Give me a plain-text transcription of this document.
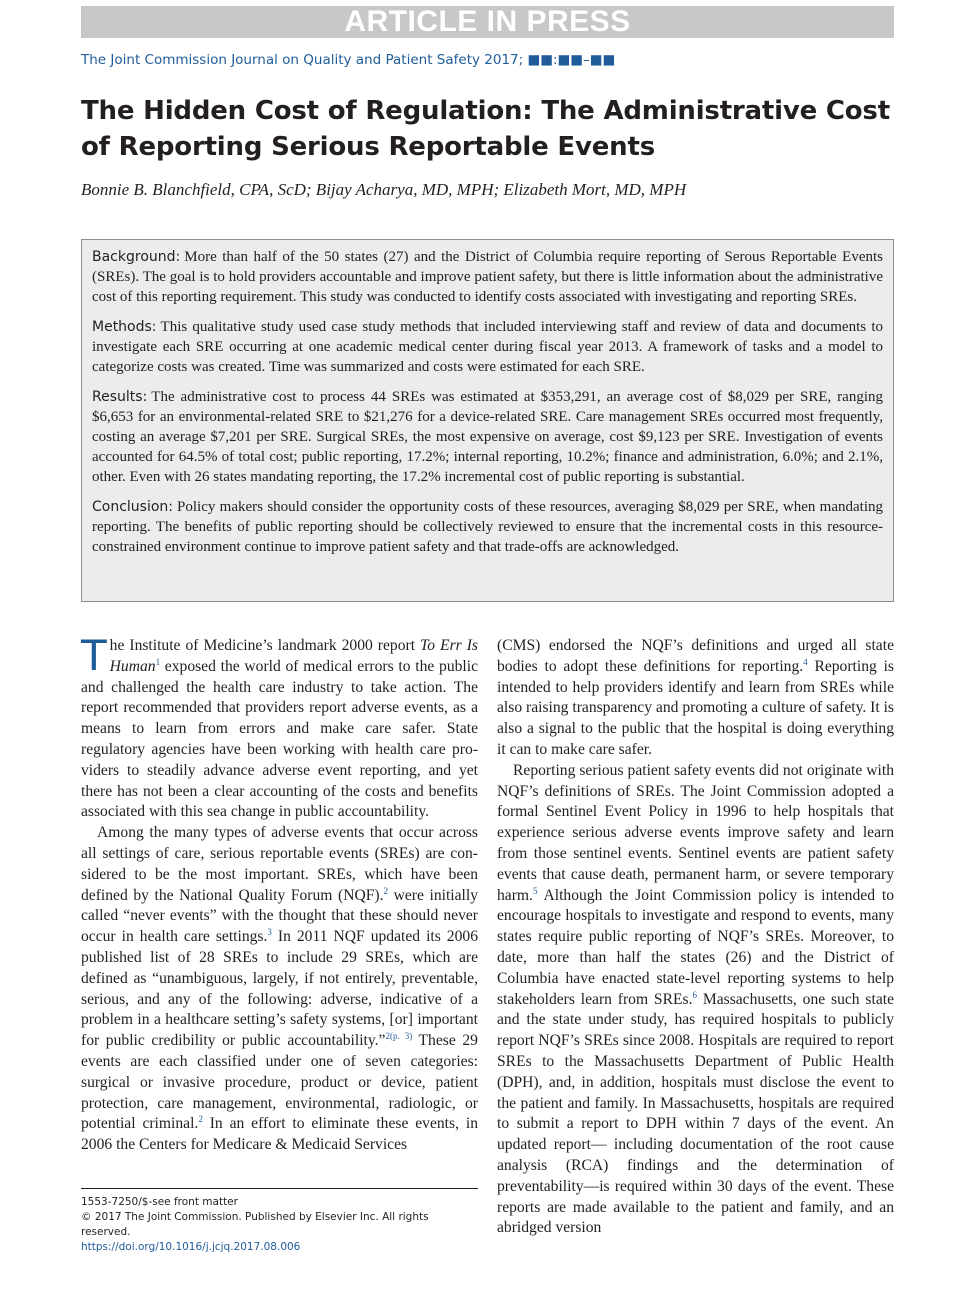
ARTICLE IN PRESS
The Joint Commission Journal on Quality and Patient Safety 2017; ■■:■■–■■
The Hidden Cost of Regulation: The Administrative Cost of Reporting Serious Reportable Events
Bonnie B. Blanchfield, CPA, ScD; Bijay Acharya, MD, MPH; Elizabeth Mort, MD, MPH

Background: More than half of the 50 states (27) and the District of Columbia require reporting of Serous Reportable Events (SREs). The goal is to hold providers accountable and improve patient safety, but there is little information about the administrative cost of this reporting requirement. This study was conducted to identify costs associated with investigating and reporting SREs.

Methods: This qualitative study used case study methods that included interviewing staff and review of data and documents to investigate each SRE occurring at one academic medical center during fiscal year 2013. A framework of tasks and a model to categorize costs was created. Time was summarized and costs were estimated for each SRE.

Results: The administrative cost to process 44 SREs was estimated at $353,291, an average cost of $8,029 per SRE, ranging $6,653 for an environmental-related SRE to $21,276 for a device-related SRE. Care management SREs occurred most frequently, costing an average $7,201 per SRE. Surgical SREs, the most expensive on average, cost $9,123 per SRE. Investigation of events accounted for 64.5% of total cost; public reporting, 17.2%; internal reporting, 10.2%; finance and administration, 6.0%; and 2.1%, other. Even with 26 states mandating reporting, the 17.2% incremental cost of public reporting is substantial.

Conclusion: Policy makers should consider the opportunity costs of these resources, averaging $8,029 per SRE, when mandating reporting. The benefits of public reporting should be collectively reviewed to ensure that the incremental costs in this resource-constrained environment continue to improve patient safety and that trade-offs are acknowledged.

The Institute of Medicine’s landmark 2000 report To Err Is Human$^1$ exposed the world of medical errors to the public and challenged the health care industry to take action. The report recommended that providers report adverse events, as a means to learn from errors and make care safer. State regulatory agencies have been working with health care providers to steadily advance adverse event reporting, and yet there has not been a clear accounting of the costs and benefits associated with this sea change in public accountability.

Among the many types of adverse events that occur across all settings of care, serious reportable events (SREs) are considered to be the most important. SREs, which have been defined by the National Quality Forum (NQF).$^2$ were initially called “never events” with the thought that these should never occur in health care settings.$^3$ In 2011 NQF updated its 2006 published list of 28 SREs to include 29 SREs, which are defined as “unambiguous, largely, if not entirely, preventable, serious, and any of the following: adverse, indicative of a problem in a healthcare setting’s safety systems, [or] important for public credibility or public accountability.”$^{2(p. 3)}$ These 29 events are each classified under one of seven categories: surgical or invasive procedure, product or device, patient protection, care management, environmental, radiologic, or potential criminal.$^2$ In an effort to eliminate these events, in 2006 the Centers for Medicare & Medicaid Services

(CMS) endorsed the NQF’s definitions and urged all state bodies to adopt these definitions for reporting.$^4$ Reporting is intended to help providers identify and learn from SREs while also raising transparency and promoting a culture of safety. It is also a signal to the public that the hospital is doing everything it can to make care safer.

Reporting serious patient safety events did not originate with NQF’s definitions of SREs. The Joint Commission adopted a formal Sentinel Event Policy in 1996 to help hospitals that experience serious adverse events improve safety and learn from those sentinel events. Sentinel events are patient safety events that cause death, permanent harm, or severe temporary harm.$^5$ Although the Joint Commission policy is intended to encourage hospitals to investigate and respond to events, many states require public reporting of NQF’s SREs. Moreover, to date, more than half the states (26) and the District of Columbia have enacted state-level reporting systems to help stakeholders learn from SREs.$^6$ Massachusetts, one such state and the state under study, has required hospitals to publicly report NQF’s SREs since 2008. Hospitals are required to report SREs to the Massachusetts Department of Public Health (DPH), and, in addition, hospitals must disclose the event to the patient and family. In Massachusetts, hospitals are required to submit a report to DPH within 7 days of the event. An updated report— including documentation of the root cause analysis (RCA) findings and the determination of preventability—is required within 30 days of the event. These reports are made available to the patient and family, and an abridged version

1553-7250/$-see front matter
© 2017 The Joint Commission. Published by Elsevier Inc. All rights reserved.
https://doi.org/10.1016/j.jcjq.2017.08.006
